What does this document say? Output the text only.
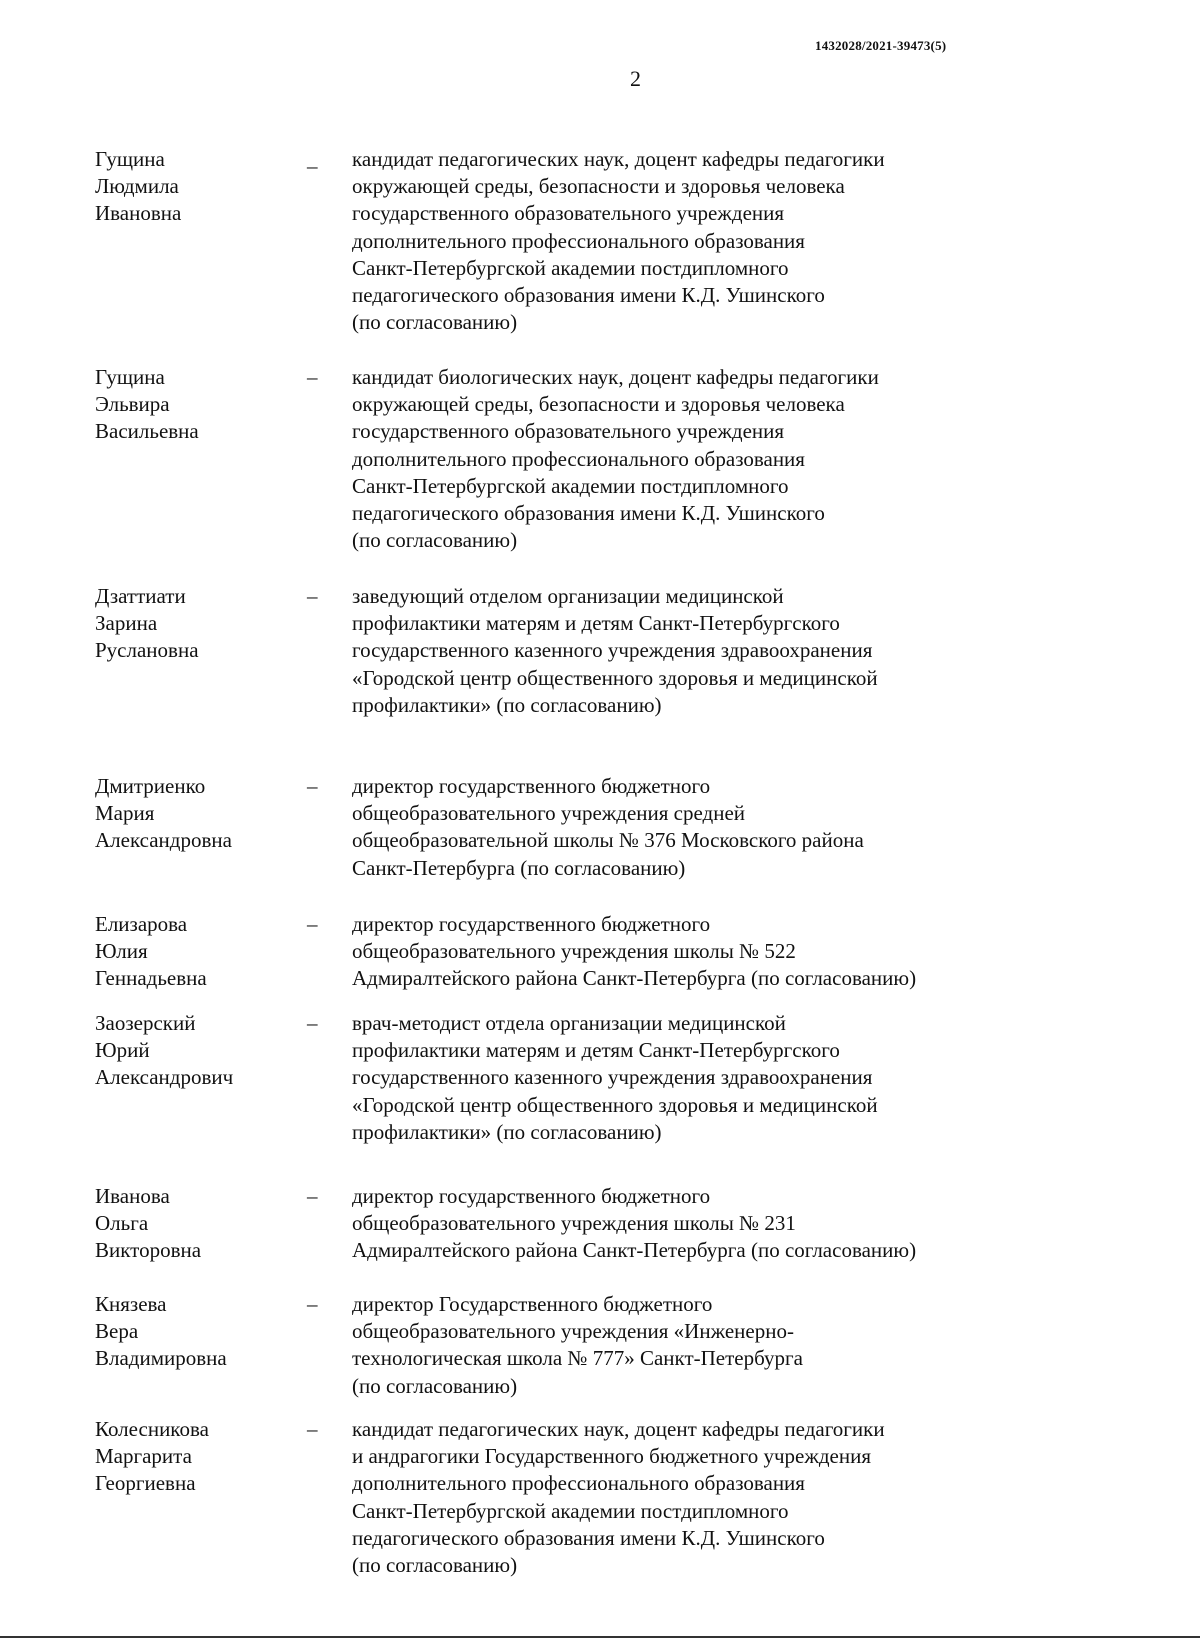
1432028/2021-39473(5)
2
Гущина
Людмила
Ивановна
_ кандидат педагогических наук, доцент кафедры педагогики
окружающей среды, безопасности и здоровья человека
государственного образовательного учреждения
дополнительного профессионального образования
Санкт-Петербургской академии постдипломного
педагогического образования имени К.Д. Ушинского
(по согласованию)
Гущина
Эльвира
Васильевна
– кандидат биологических наук, доцент кафедры педагогики
окружающей среды, безопасности и здоровья человека
государственного образовательного учреждения
дополнительного профессионального образования
Санкт-Петербургской академии постдипломного
педагогического образования имени К.Д. Ушинского
(по согласованию)
Дзаттиати
Зарина
Руслановна
– заведующий отделом организации медицинской
профилактики матерям и детям Санкт-Петербургского
государственного казенного учреждения здравоохранения
«Городской центр общественного здоровья и медицинской
профилактики» (по согласованию)
Дмитриенко
Мария
Александровна
– директор государственного бюджетного
общеобразовательного учреждения средней
общеобразовательной школы № 376 Московского района
Санкт-Петербурга (по согласованию)
Елизарова
Юлия
Геннадьевна
– директор государственного бюджетного
общеобразовательного учреждения школы № 522
Адмиралтейского района Санкт-Петербурга (по согласованию)
Заозерский
Юрий
Александрович
– врач-методист отдела организации медицинской
профилактики матерям и детям Санкт-Петербургского
государственного казенного учреждения здравоохранения
«Городской центр общественного здоровья и медицинской
профилактики» (по согласованию)
Иванова
Ольга
Викторовна
– директор государственного бюджетного
общеобразовательного учреждения школы № 231
Адмиралтейского района Санкт-Петербурга (по согласованию)
Князева
Вера
Владимировна
– директор Государственного бюджетного
общеобразовательного учреждения «Инженерно-
технологическая школа № 777» Санкт-Петербурга
(по согласованию)
Колесникова
Маргарита
Георгиевна
– кандидат педагогических наук, доцент кафедры педагогики
и андрагогики Государственного бюджетного учреждения
дополнительного профессионального образования
Санкт-Петербургской академии постдипломного
педагогического образования имени К.Д. Ушинского
(по согласованию)
